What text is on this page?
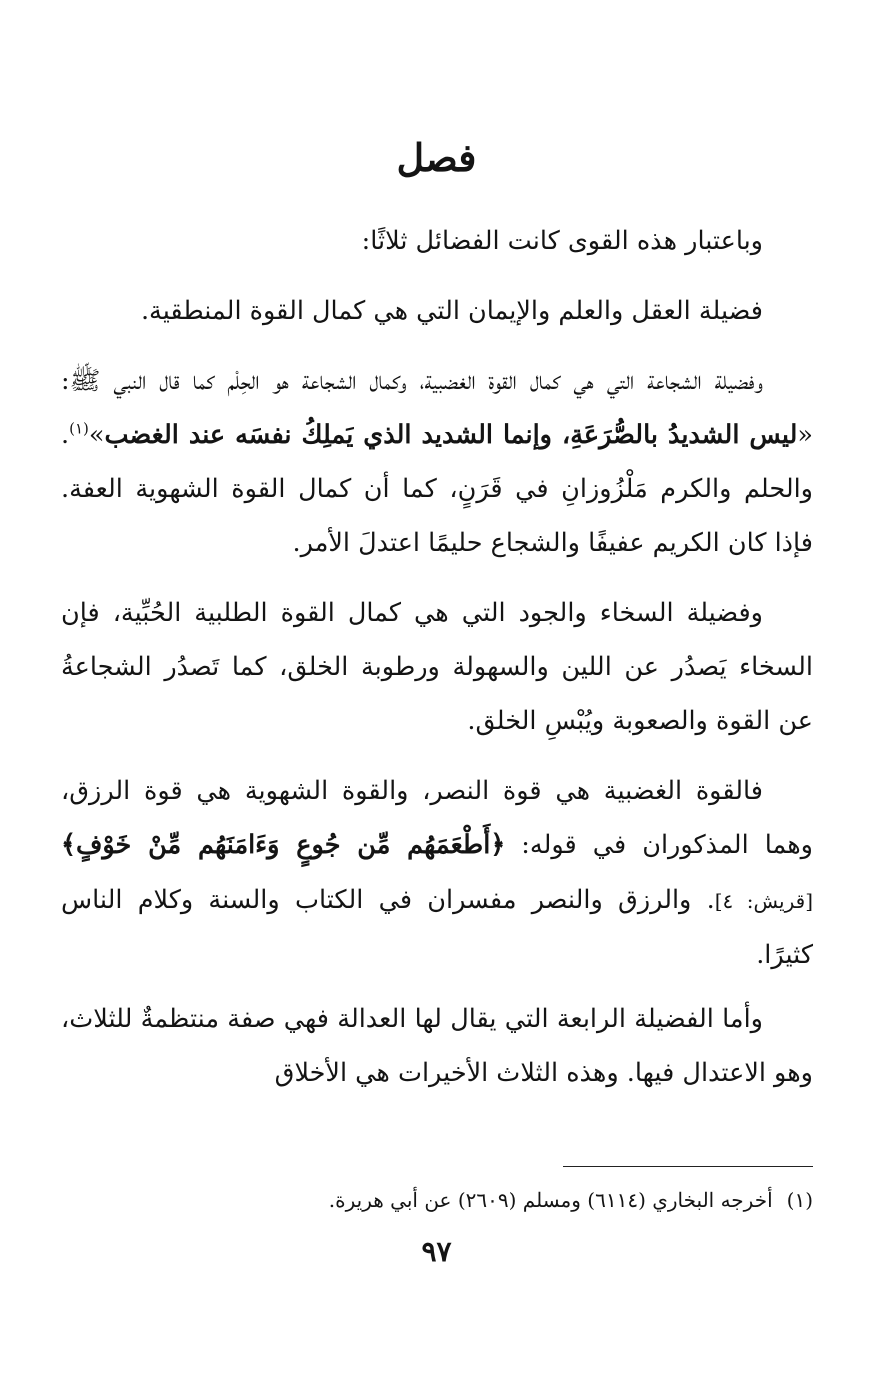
فصل

وباعتبار هذه القوى كانت الفضائل ثلاثًا:

فضيلة العقل والعلم والإيمان التي هي كمال القوة المنطقية.

وفضيلة الشجاعة التي هي كمال القوة الغضبية، وكمال الشجاعة هو الحِلْم كما قال النبي ﷺ: «ليس الشديدُ بالصُّرَعَةِ، وإنما الشديد الذي يَملِكُ نفسَه عند الغضب»$^{(١)}$. والحلم والكرم مَلْزُوزانِ في قَرَنٍ، كما أن كمال القوة الشهوية العفة. فإذا كان الكريم عفيفًا والشجاع حليمًا اعتدلَ الأمر.

وفضيلة السخاء والجود التي هي كمال القوة الطلبية الحُبِّية، فإن السخاء يَصدُر عن اللين والسهولة ورطوبة الخلق، كما تَصدُر الشجاعةُ عن القوة والصعوبة ويُبْسِ الخلق.

فالقوة الغضبية هي قوة النصر، والقوة الشهوية هي قوة الرزق، وهما المذكوران في قوله: ﴿أَطْعَمَهُم مِّن جُوعٍ وَءَامَنَهُم مِّنْ خَوْفٍ﴾ [قريش: ٤]. والرزق والنصر مفسران في الكتاب والسنة وكلام الناس كثيرًا.

وأما الفضيلة الرابعة التي يقال لها العدالة فهي صفة منتظمةٌ للثلاث، وهو الاعتدال فيها. وهذه الثلاث الأخيرات هي الأخلاق

(١)أخرجه البخاري (٦١١٤) ومسلم (٢٦٠٩) عن أبي هريرة.
٩٧
